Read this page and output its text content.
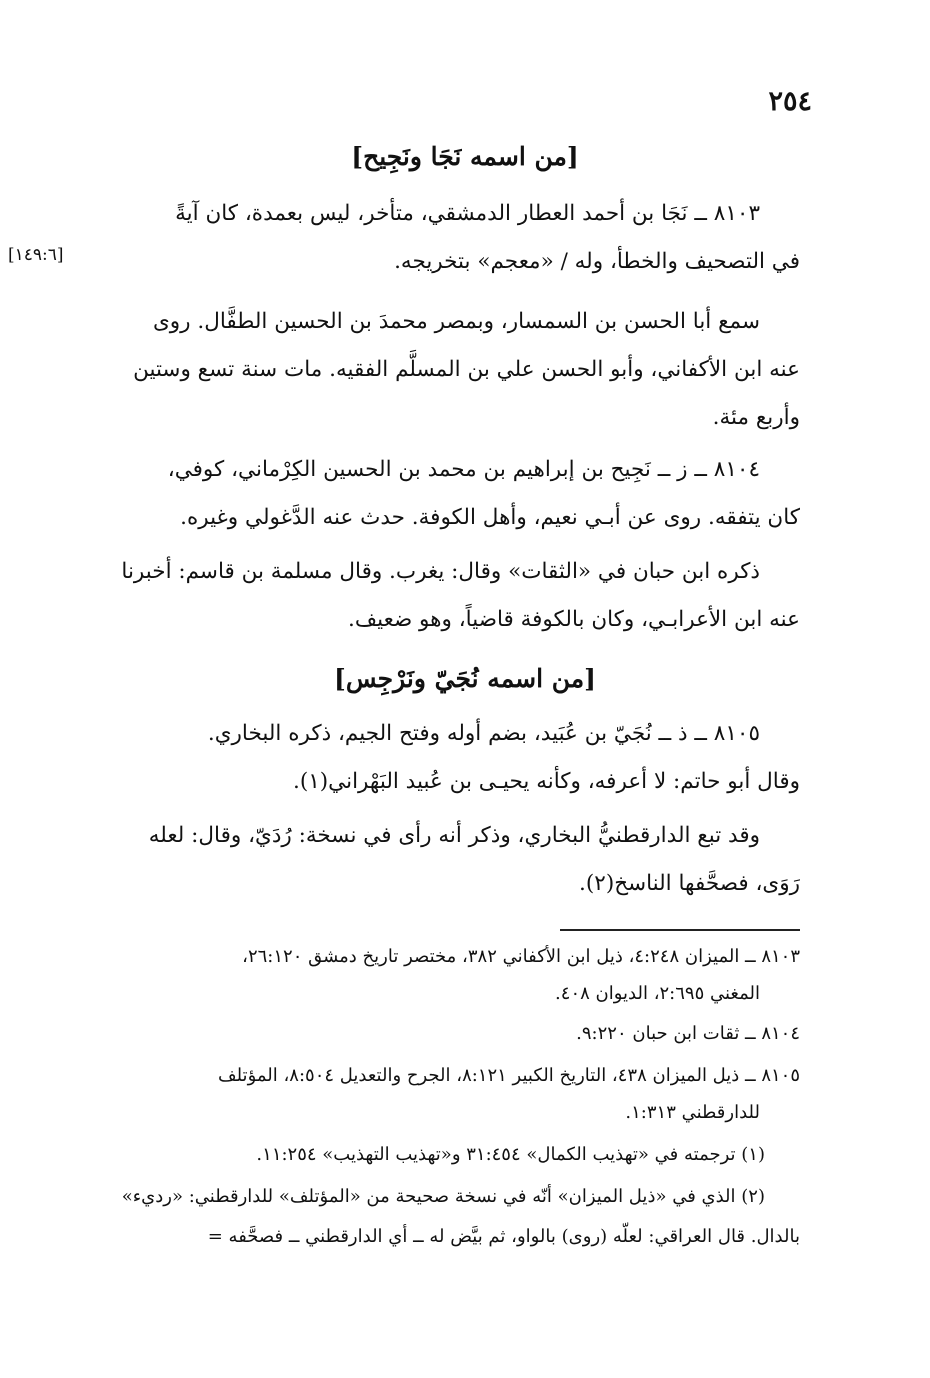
٢٥٤
[من اسمه نَجَا ونَجِيح]
٨١٠٣ ــ نَجَا بن أحمد العطار الدمشقي، متأخر، ليس بعمدة، كان آيةً
في التصحيف والخطأ، وله / «معجم» بتخريجه.
[١٤٩:٦]
سمع أبا الحسن بن السمسار، وبمصر محمدَ بن الحسين الطفَّال. روى
عنه ابن الأكفاني، وأبو الحسن علي بن المسلَّم الفقيه. مات سنة تسع وستين
وأربع مئة.
٨١٠٤ ــ ز ــ نَجِيح بن إبراهيم بن محمد بن الحسين الكِرْماني، كوفي،
كان يتفقه. روى عن أبـي نعيم، وأهل الكوفة. حدث عنه الدَّغولي وغيره.
ذكره ابن حبان في «الثقات» وقال: يغرب. وقال مسلمة بن قاسم: أخبرنا
عنه ابن الأعرابـي، وكان بالكوفة قاضياً، وهو ضعيف.
[من اسمه نُجَيّ ونَرْجِس]
٨١٠٥ ــ ذ ــ نُجَيّ بن عُبَيد، بضم أوله وفتح الجيم، ذكره البخاري.
وقال أبو حاتم: لا أعرفه، وكأنه يحيـى بن عُبيد البَهْراني(١).
وقد تبع الدارقطنيُّ البخاري، وذكر أنه رأى في نسخة: رُدَيّ، وقال: لعله
رَوَى، فصحَّفها الناسخ(٢).
٨١٠٣ ــ الميزان ٤:٢٤٨، ذيل ابن الأكفاني ٣٨٢، مختصر تاريخ دمشق ٢٦:١٢٠،
المغني ٢:٦٩٥، الديوان ٤٠٨.
٨١٠٤ ــ ثقات ابن حبان ٩:٢٢٠.
٨١٠٥ ــ ذيل الميزان ٤٣٨، التاريخ الكبير ٨:١٢١، الجرح والتعديل ٨:٥٠٤، المؤتلف
للدارقطني ١:٣١٣.
(١) ترجمته في «تهذيب الكمال» ٣١:٤٥٤ و«تهذيب التهذيب» ١١:٢٥٤.
(٢) الذي في «ذيل الميزان» أنّه في نسخة صحيحة من «المؤتلف» للدارقطني: «رديء»
بالدال. قال العراقي: لعلّه (روى) بالواو، ثم بيَّض له ــ أي الدارقطني ــ فصحَّفه =
